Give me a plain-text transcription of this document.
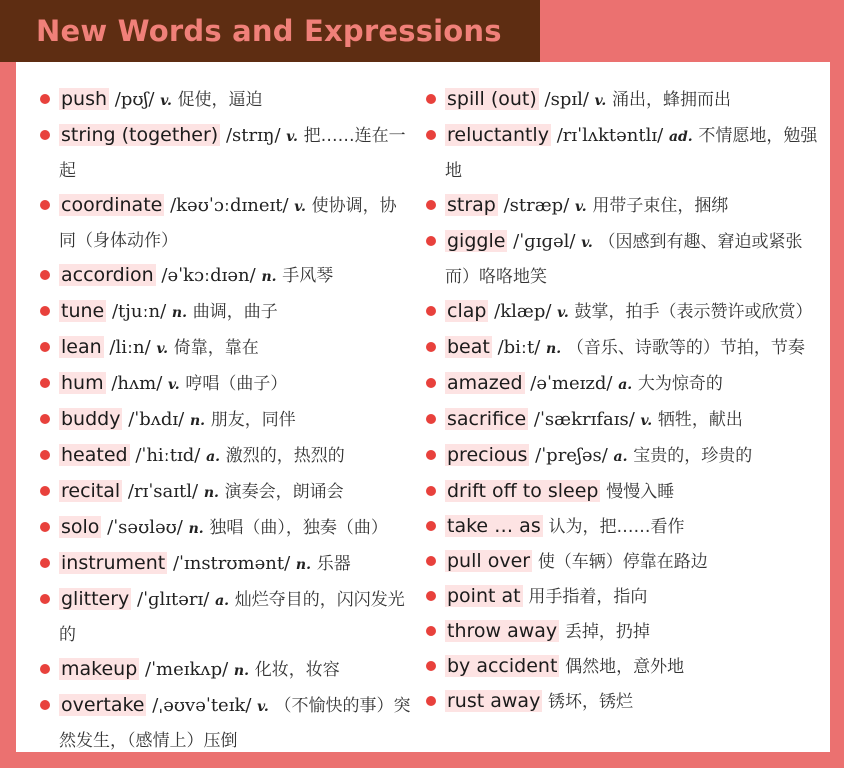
New Words and Expressions
push /pʊʃ/ v. 促使，逼迫
string (together) /strɪŋ/ v. 把……连在一起
coordinate /kəʊˈɔːdɪneɪt/ v. 使协调，协同（身体动作）
accordion /əˈkɔːdɪən/ n. 手风琴
tune /tjuːn/ n. 曲调，曲子
lean /liːn/ v. 倚靠，靠在
hum /hʌm/ v. 哼唱（曲子）
buddy /ˈbʌdɪ/ n. 朋友，同伴
heated /ˈhiːtɪd/ a. 激烈的，热烈的
recital /rɪˈsaɪtl/ n. 演奏会，朗诵会
solo /ˈsəʊləʊ/ n. 独唱（曲），独奏（曲）
instrument /ˈɪnstrʊmənt/ n. 乐器
glittery /ˈɡlɪtərɪ/ a. 灿烂夺目的，闪闪发光的
makeup /ˈmeɪkʌp/ n. 化妆，妆容
overtake /ˌəʊvəˈteɪk/ v. （不愉快的事）突然发生，（感情上）压倒
spill (out) /spɪl/ v. 涌出，蜂拥而出
reluctantly /rɪˈlʌktəntlɪ/ ad. 不情愿地，勉强地
strap /stræp/ v. 用带子束住，捆绑
giggle /ˈɡɪɡəl/ v. （因感到有趣、窘迫或紧张而）咯咯地笑
clap /klæp/ v. 鼓掌，拍手（表示赞许或欣赏）
beat /biːt/ n. （音乐、诗歌等的）节拍，节奏
amazed /əˈmeɪzd/ a. 大为惊奇的
sacrifice /ˈsækrɪfaɪs/ v. 牺牲，献出
precious /ˈpreʃəs/ a. 宝贵的，珍贵的
drift off to sleep 慢慢入睡
take … as 认为，把……看作
pull over 使（车辆）停靠在路边
point at 用手指着，指向
throw away 丢掉，扔掉
by accident 偶然地，意外地
rust away 锈坏，锈烂
